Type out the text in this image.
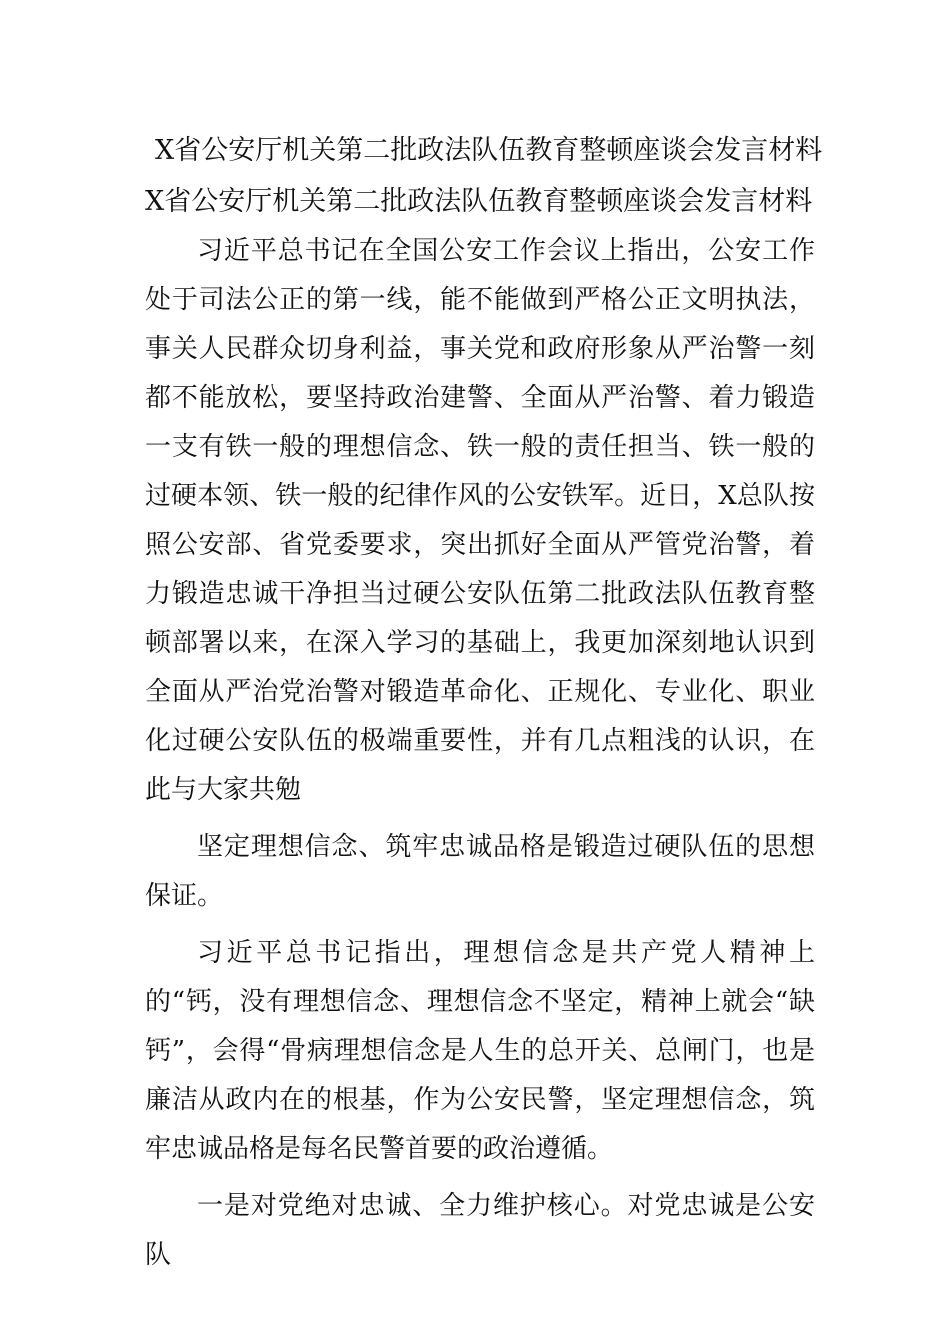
X省公安厅机关第二批政法队伍教育整顿座谈会发言材料
X省公安厅机关第二批政法队伍教育整顿座谈会发言材料

习近平总书记在全国公安工作会议上指出，公安工作处于司法公正的第一线，能不能做到严格公正文明执法，事关人民群众切身利益，事关党和政府形象从严治警一刻都不能放松，要坚持政治建警、全面从严治警、着力锻造一支有铁一般的理想信念、铁一般的责任担当、铁一般的过硬本领、铁一般的纪律作风的公安铁军。近日，X总队按照公安部、省党委要求，突出抓好全面从严管党治警，着力锻造忠诚干净担当过硬公安队伍第二批政法队伍教育整顿部署以来，在深入学习的基础上，我更加深刻地认识到全面从严治党治警对锻造革命化、正规化、专业化、职业化过硬公安队伍的极端重要性，并有几点粗浅的认识，在此与大家共勉

坚定理想信念、筑牢忠诚品格是锻造过硬队伍的思想保证。

习近平总书记指出，理想信念是共产党人精神上的“钙，没有理想信念、理想信念不坚定，精神上就会“缺钙”，会得“骨病理想信念是人生的总开关、总闸门，也是廉洁从政内在的根基，作为公安民警，坚定理想信念，筑牢忠诚品格是每名民警首要的政治遵循。

一是对党绝对忠诚、全力维护核心。对党忠诚是公安队
